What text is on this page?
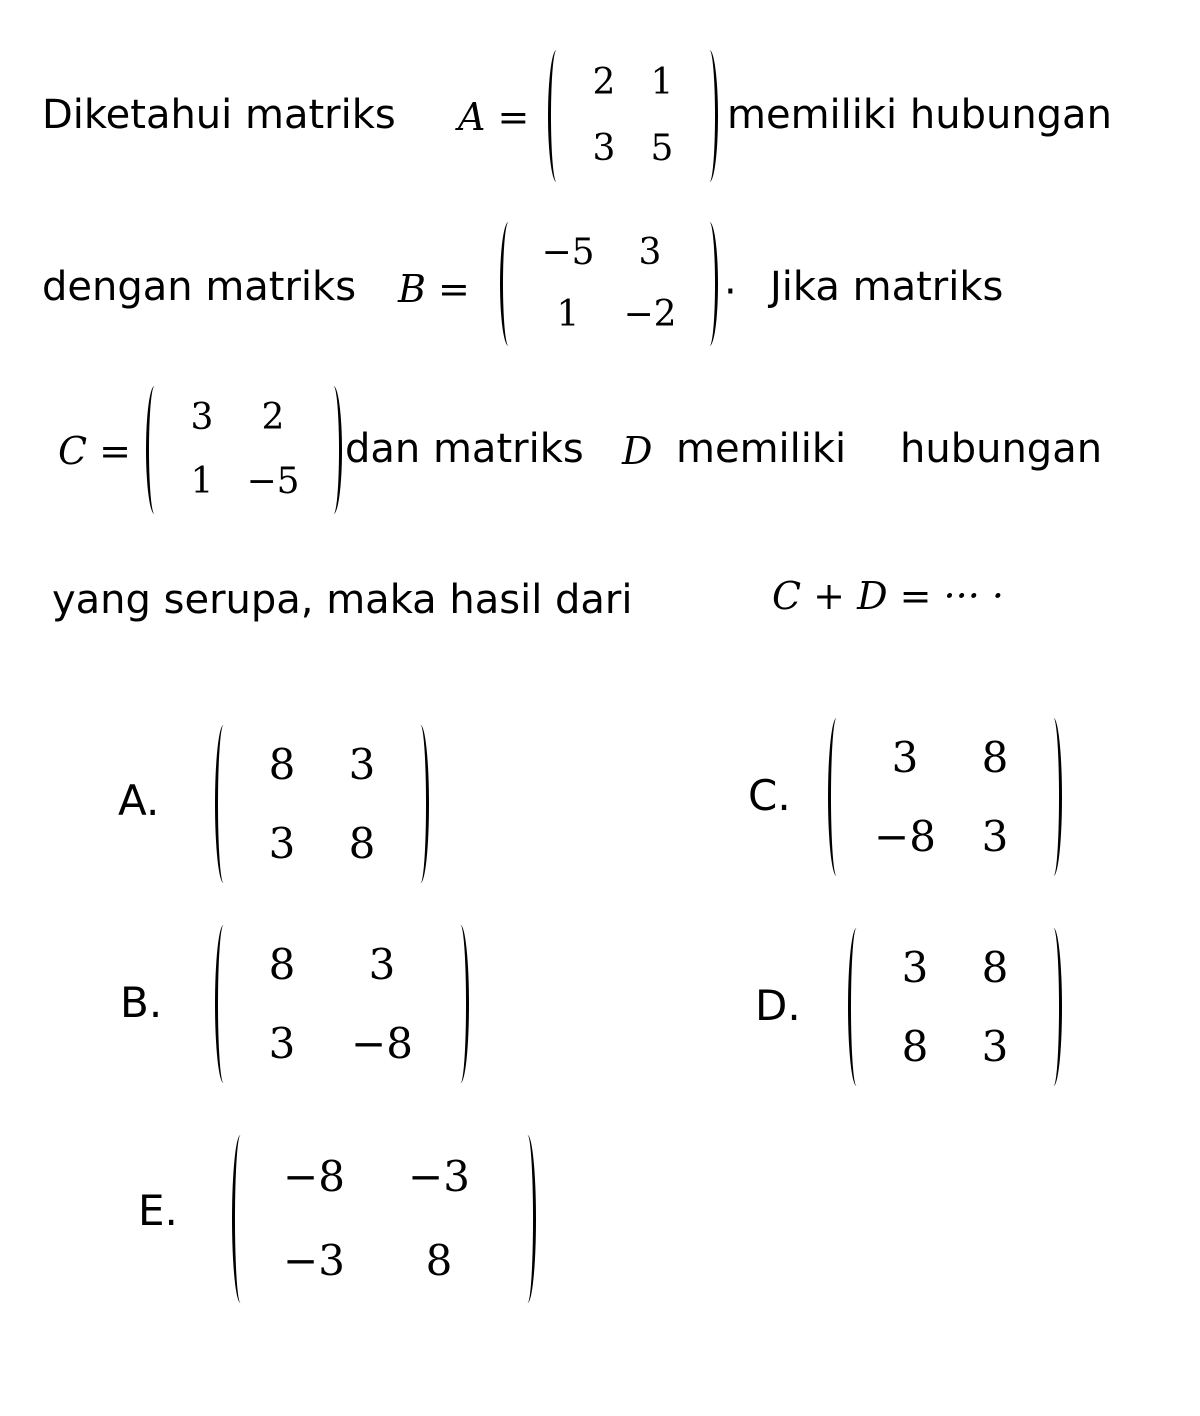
Diketahui matriks A =
2 1
3 5
memiliki hubungan
dengan matriks B =
−5	3
1	−2	· Jika matriks
C =
3	2
1 −5
dan matriks D memiliki hubungan
yang serupa, maka hasil dari	C + D = ··· ·
A.
8	3
3	8
C.
3	8
−8	3
B.
8	3
3	−8
D.
3	8
8	3
E.
−8	−3
−3	8
